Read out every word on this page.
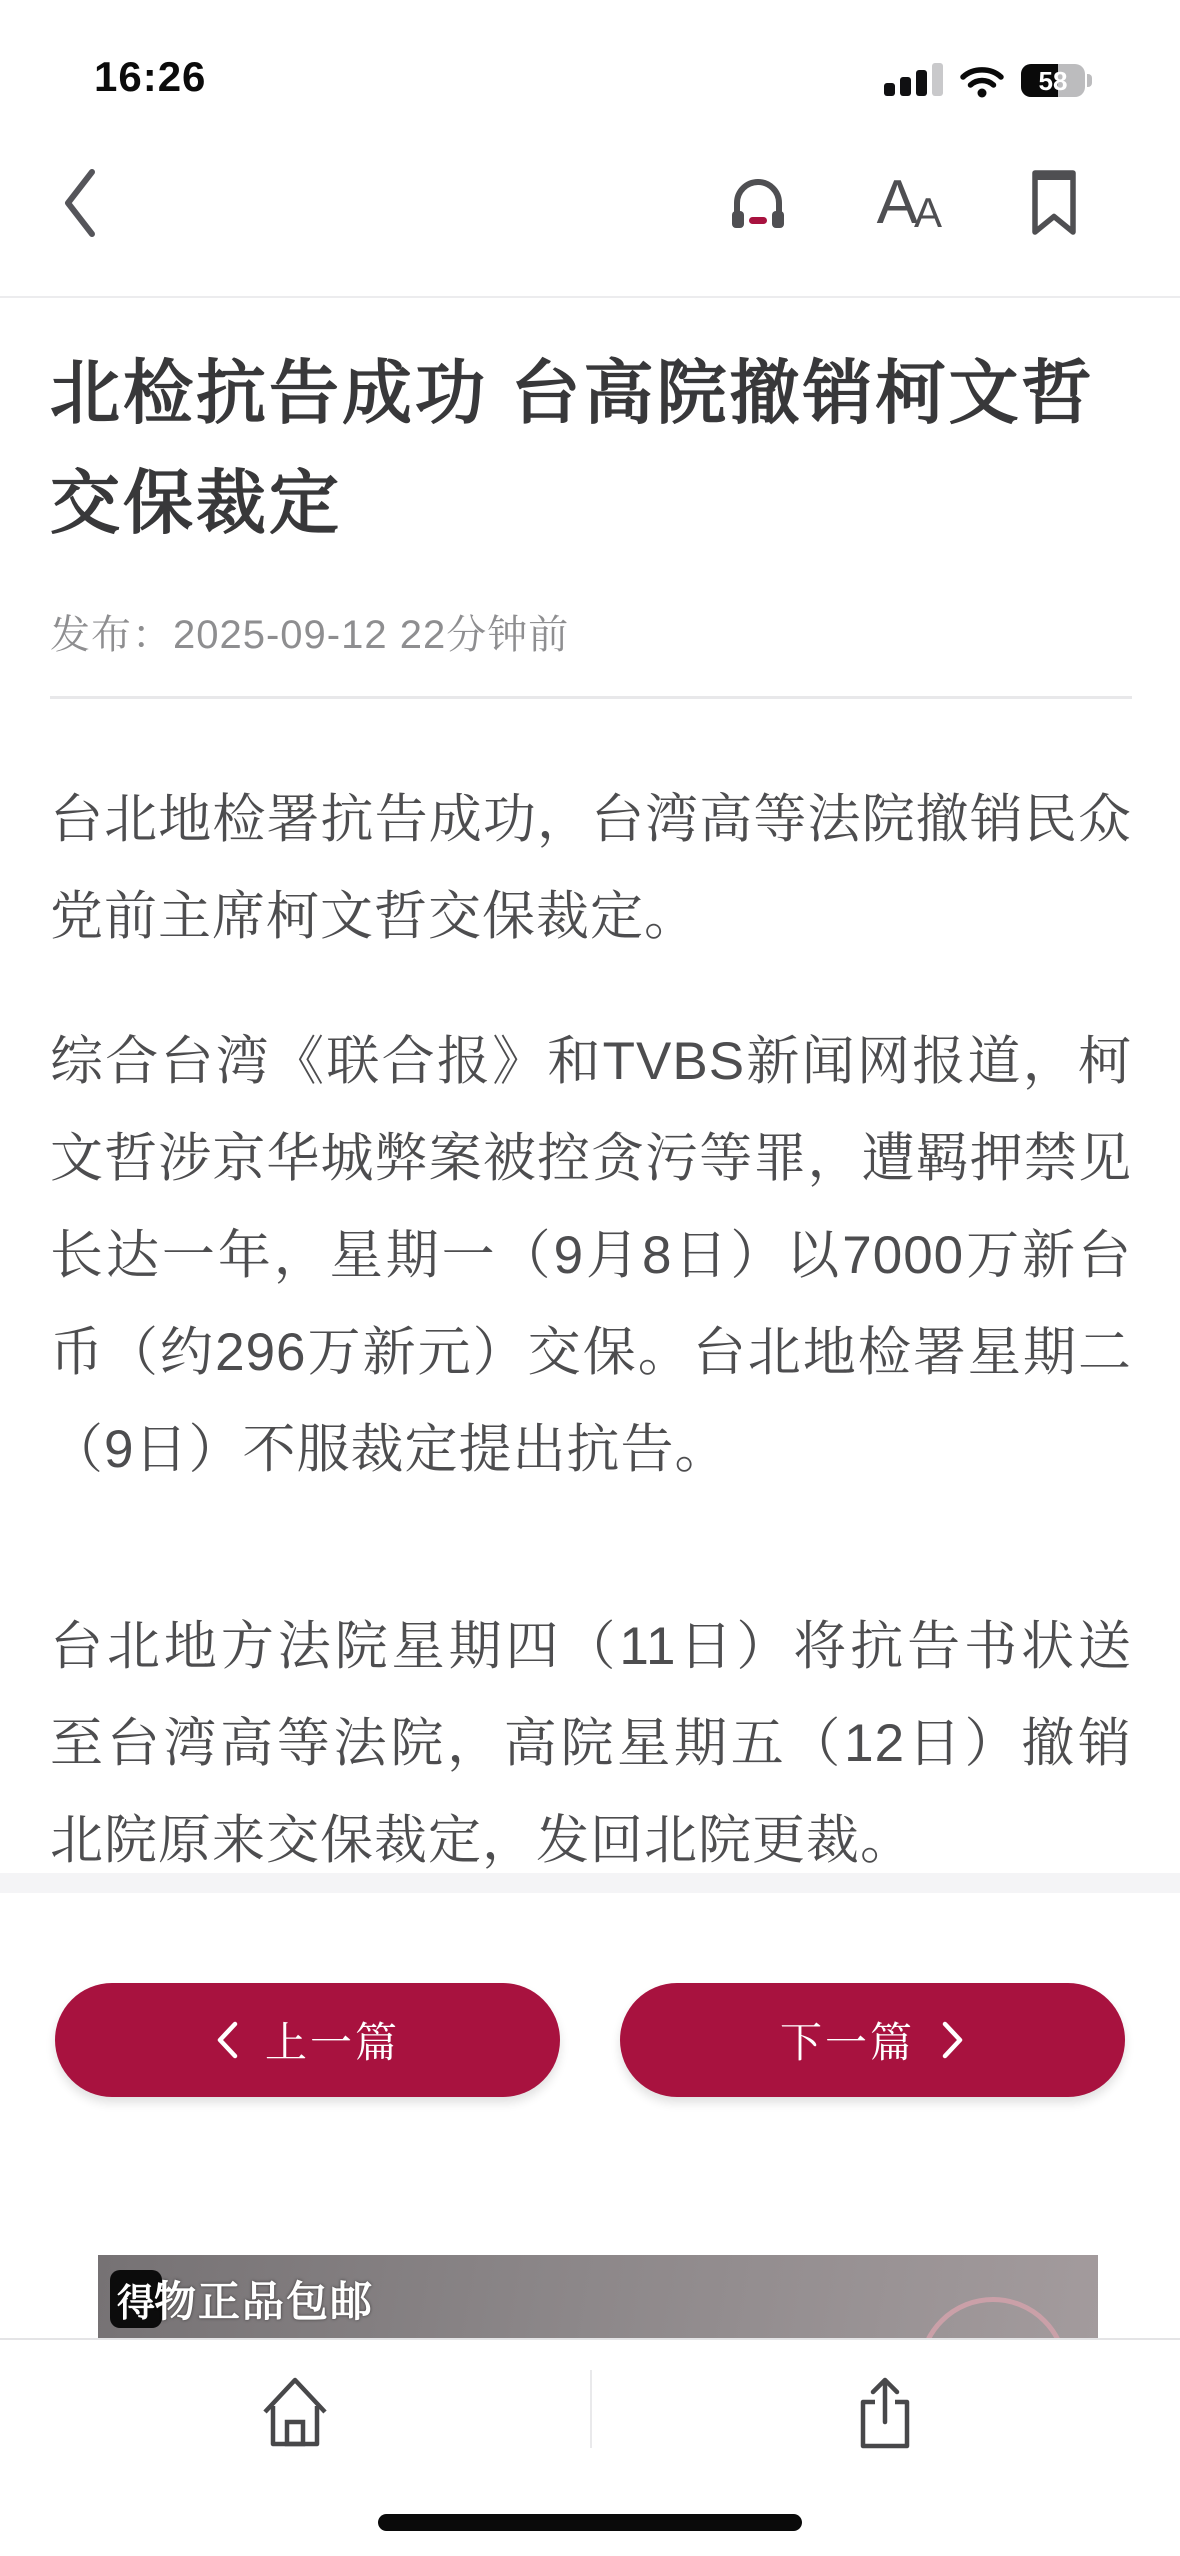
16:26	58
A
A
北检抗告成功 台高院撤销柯文哲交保裁定
发布：2025-09-12 22分钟前

台北地检署抗告成功，台湾高等法院撤销民众党前主席柯文哲交保裁定。

综合台湾《联合报》和TVBS新闻网报道，柯文哲涉京华城弊案被控贪污等罪，遭羁押禁见长达一年，星期一（9月8日）以7000万新台币（约296万新元）交保。台北地检署星期二（9日）不服裁定提出抗告。

台北地方法院星期四（11日）将抗告书状送至台湾高等法院，高院星期五（12日）撤销北院原来交保裁定，发回北院更裁。

上一篇	下一篇
得 物正品包邮
